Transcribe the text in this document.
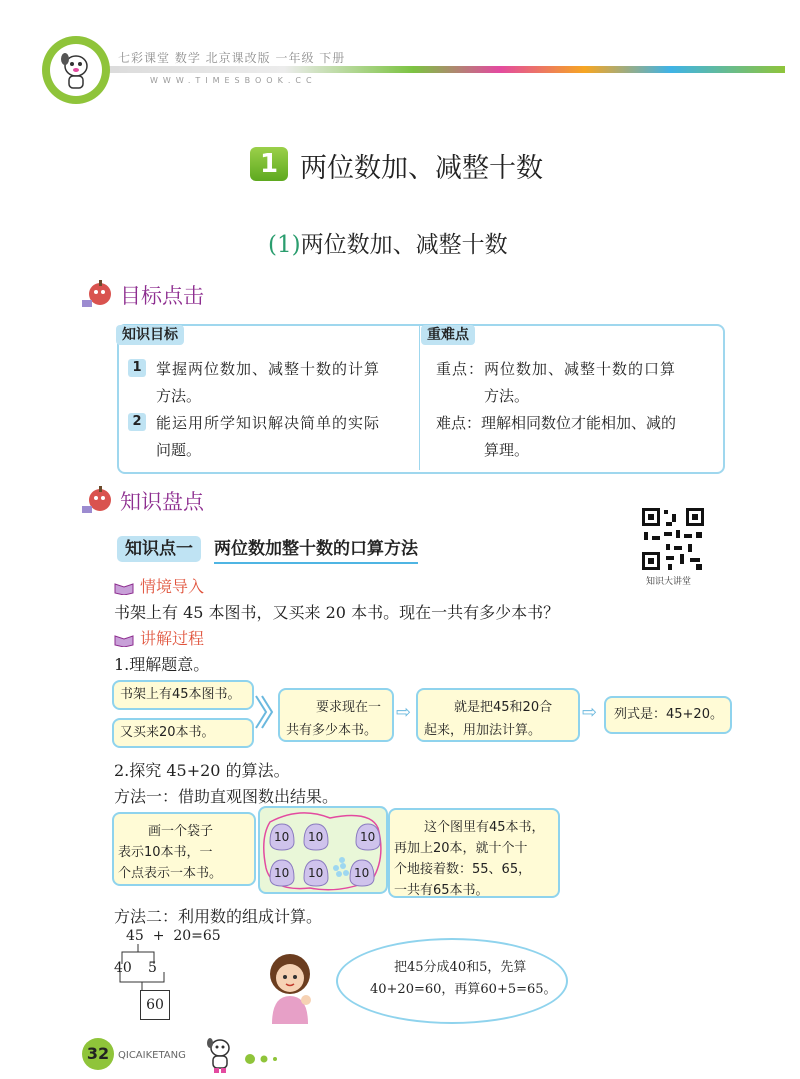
七彩课堂 数学 北京课改版 一年级 下册
WWW.TIMESBOOK.CC
1 两位数加、减整十数
(1)两位数加、减整十数
目标点击
知识目标	重难点
1 掌握两位数加、减整十数的计算
方法。
2 能运用所学知识解决简单的实际
问题。
重点：两位数加、减整十数的口算
方法。
难点：理解相同数位才能相加、减的
算理。
知识盘点
知识点一	两位数加整十数的口算方法
知识大讲堂
情境导入
书架上有 45 本图书，又买来 20 本书。现在一共有多少本书？
讲解过程
1.理解题意。
书架上有45本图书。
又买来20本书。
要求现在一
共有多少本书。
⇨	就是把45和20合
起来，用加法计算。
⇨	列式是：45+20。
2.探究 45+20 的算法。
方法一：借助直观图数出结果。
画一个袋子
表示10本书，一
个点表示一本书。
10 10	10
10 10	10
这个图里有45本书，
再加上20本，就十个十
个地接着数：55、65，
一共有65本书。
方法二：利用数的组成计算。
45  +  20=65
40 5
60
把45分成40和5，先算
40+20=60，再算60+5=65。
32 QICAIKETANG
